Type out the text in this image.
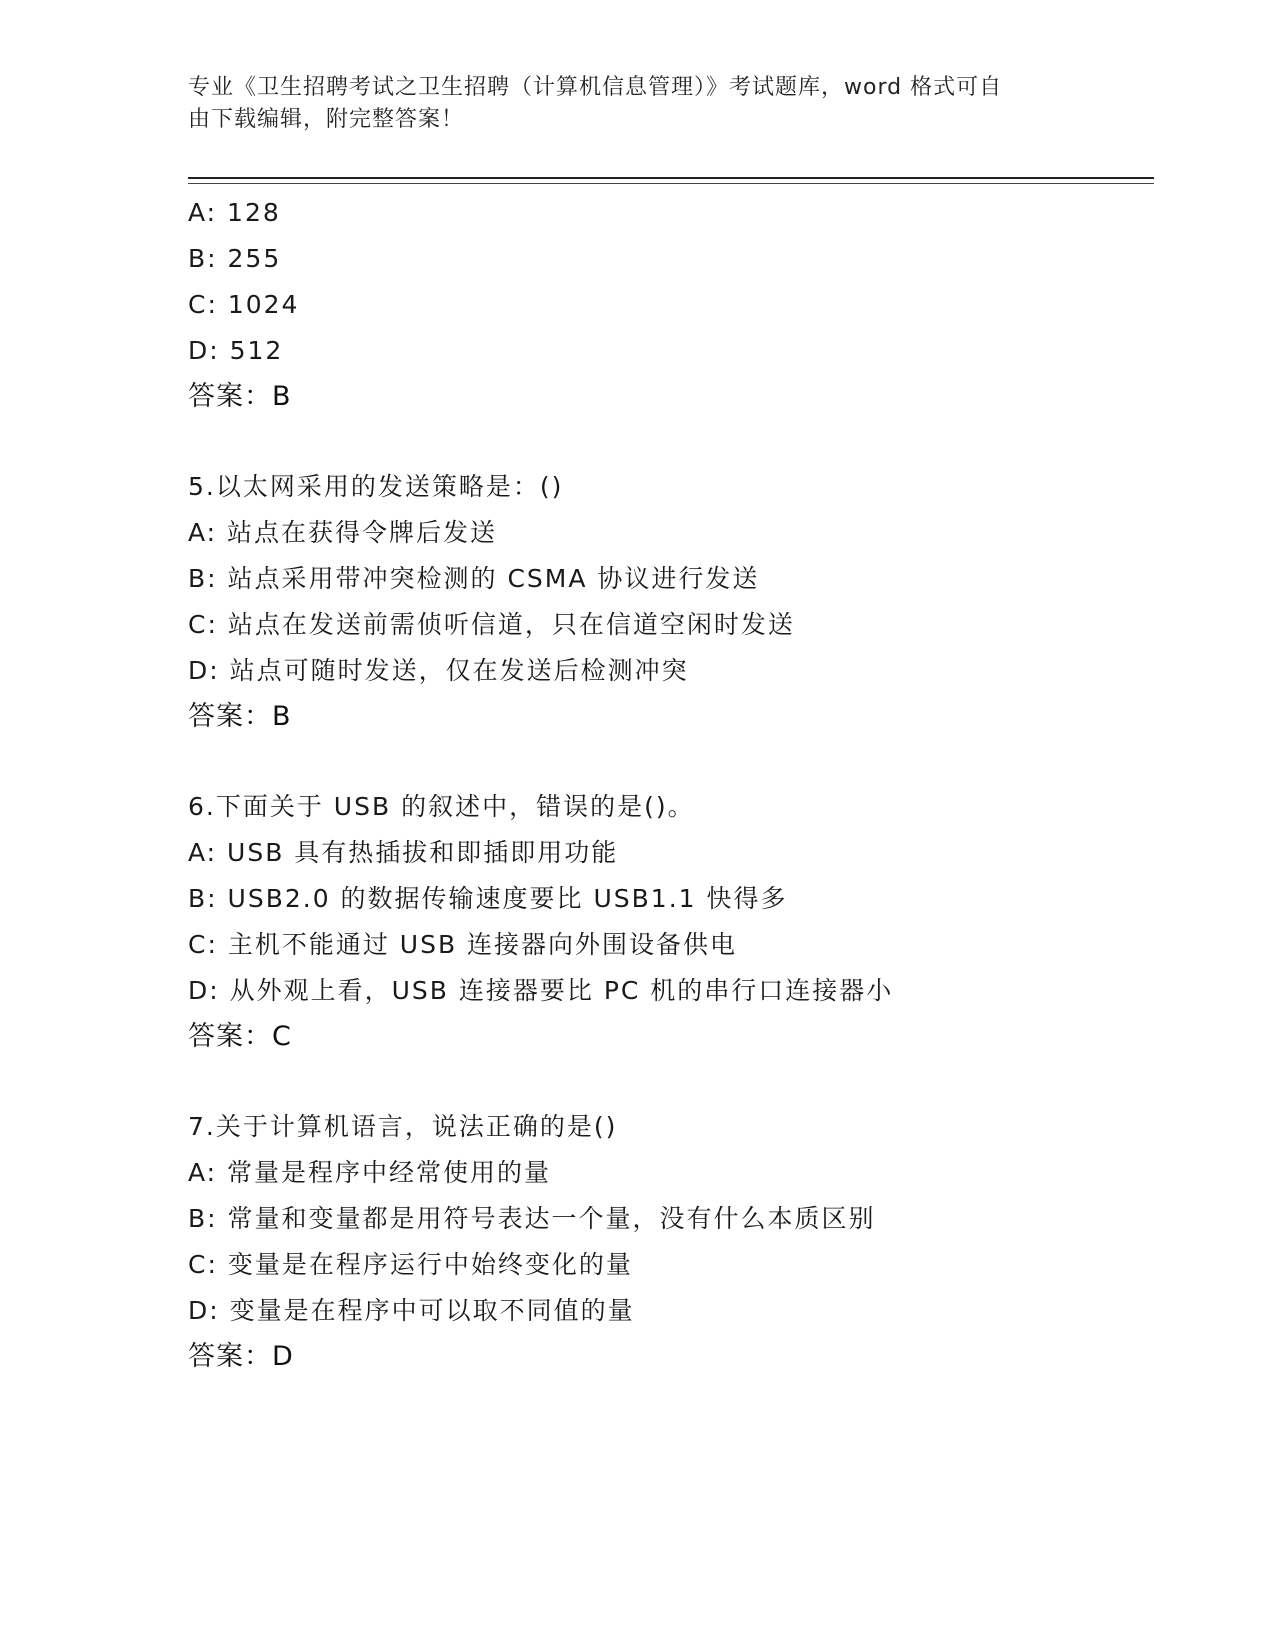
专业《卫生招聘考试之卫生招聘（计算机信息管理）》考试题库，word 格式可自
由下载编辑，附完整答案！
A: 128
B: 255
C: 1024
D: 512
答案：B
5.以太网采用的发送策略是：()
A: 站点在获得令牌后发送
B: 站点采用带冲突检测的 CSMA 协议进行发送
C: 站点在发送前需侦听信道，只在信道空闲时发送
D: 站点可随时发送，仅在发送后检测冲突
答案：B
6.下面关于 USB 的叙述中，错误的是()。
A: USB 具有热插拔和即插即用功能
B: USB2.0 的数据传输速度要比 USB1.1 快得多
C: 主机不能通过 USB 连接器向外围设备供电
D: 从外观上看，USB 连接器要比 PC 机的串行口连接器小
答案：C
7.关于计算机语言，说法正确的是()
A: 常量是程序中经常使用的量
B: 常量和变量都是用符号表达一个量，没有什么本质区别
C: 变量是在程序运行中始终变化的量
D: 变量是在程序中可以取不同值的量
答案：D
